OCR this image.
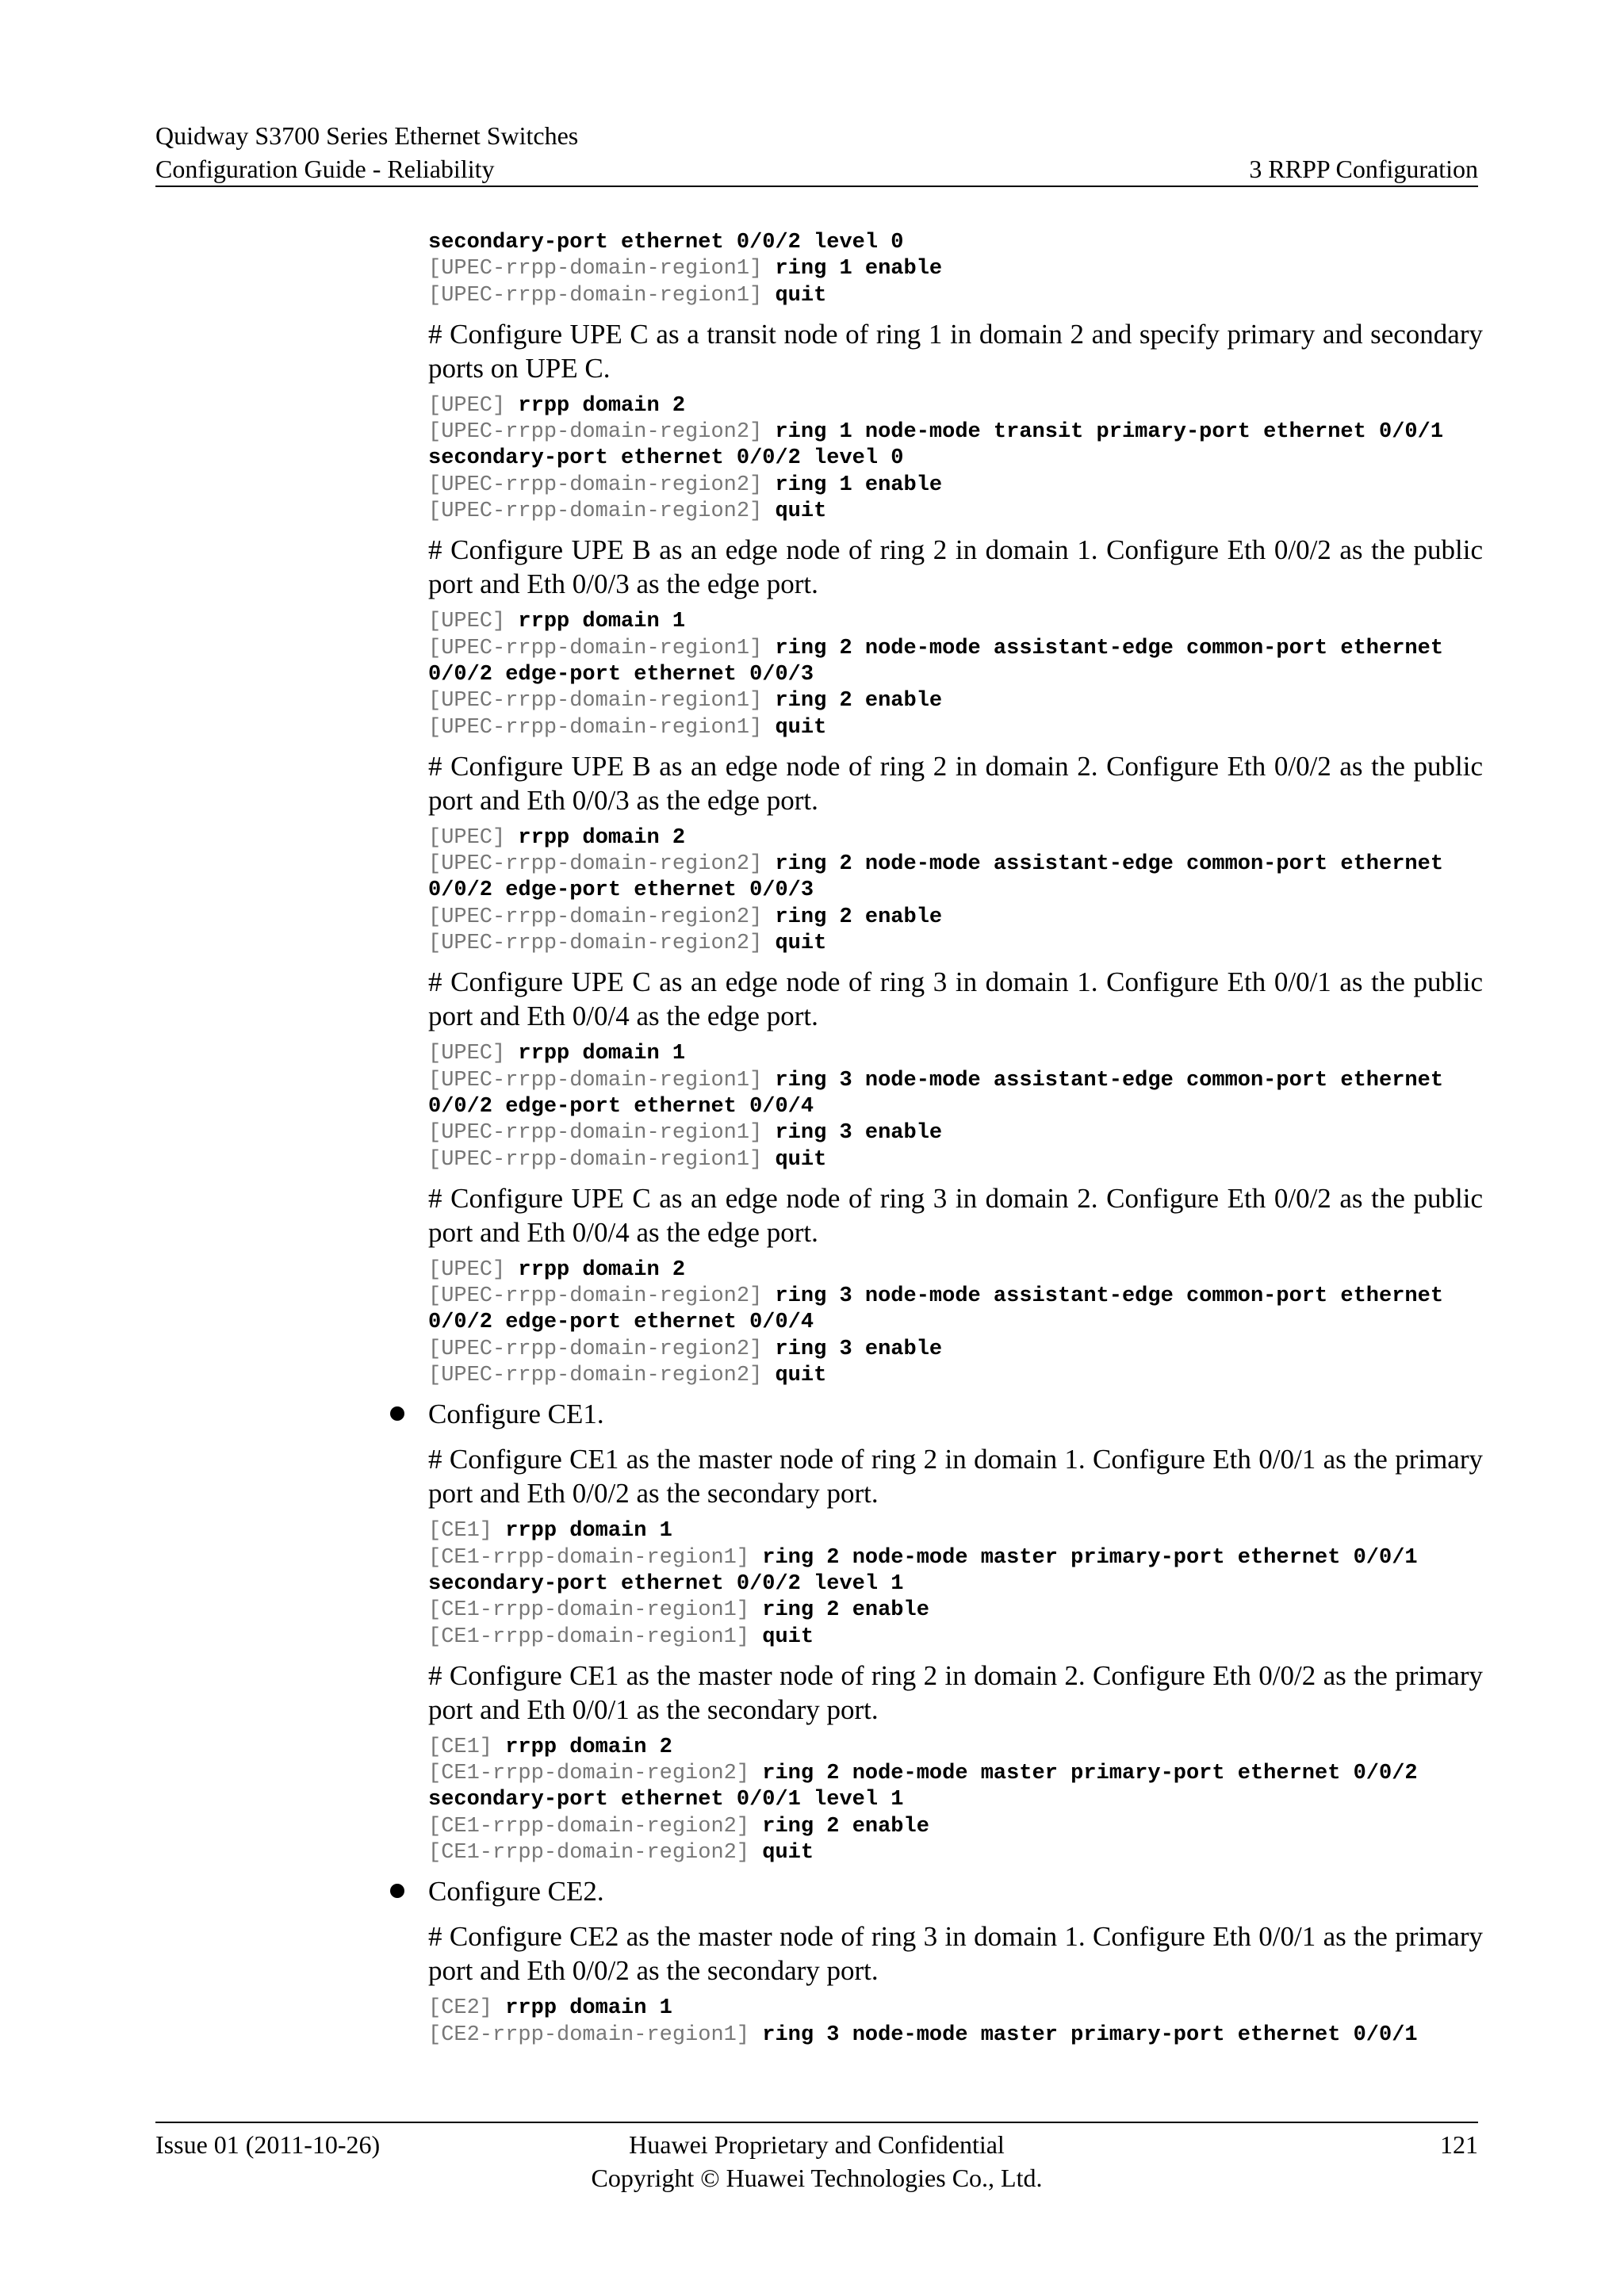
Quidway S3700 Series Ethernet Switches
Configuration Guide - Reliability	3 RRPP Configuration
secondary-port ethernet 0/0/2 level 0
[UPEC-rrpp-domain-region1] ring 1 enable
[UPEC-rrpp-domain-region1] quit
# Configure UPE C as a transit node of ring 1 in domain 2 and specify primary and secondary ports on UPE C.
[UPEC] rrpp domain 2
[UPEC-rrpp-domain-region2] ring 1 node-mode transit primary-port ethernet 0/0/1
secondary-port ethernet 0/0/2 level 0
[UPEC-rrpp-domain-region2] ring 1 enable
[UPEC-rrpp-domain-region2] quit
# Configure UPE B as an edge node of ring 2 in domain 1. Configure Eth 0/0/2 as the public port and Eth 0/0/3 as the edge port.
[UPEC] rrpp domain 1
[UPEC-rrpp-domain-region1] ring 2 node-mode assistant-edge common-port ethernet
0/0/2 edge-port ethernet 0/0/3
[UPEC-rrpp-domain-region1] ring 2 enable
[UPEC-rrpp-domain-region1] quit
# Configure UPE B as an edge node of ring 2 in domain 2. Configure Eth 0/0/2 as the public port and Eth 0/0/3 as the edge port.
[UPEC] rrpp domain 2
[UPEC-rrpp-domain-region2] ring 2 node-mode assistant-edge common-port ethernet
0/0/2 edge-port ethernet 0/0/3
[UPEC-rrpp-domain-region2] ring 2 enable
[UPEC-rrpp-domain-region2] quit
# Configure UPE C as an edge node of ring 3 in domain 1. Configure Eth 0/0/1 as the public port and Eth 0/0/4 as the edge port.
[UPEC] rrpp domain 1
[UPEC-rrpp-domain-region1] ring 3 node-mode assistant-edge common-port ethernet
0/0/2 edge-port ethernet 0/0/4
[UPEC-rrpp-domain-region1] ring 3 enable
[UPEC-rrpp-domain-region1] quit
# Configure UPE C as an edge node of ring 3 in domain 2. Configure Eth 0/0/2 as the public port and Eth 0/0/4 as the edge port.
[UPEC] rrpp domain 2
[UPEC-rrpp-domain-region2] ring 3 node-mode assistant-edge common-port ethernet
0/0/2 edge-port ethernet 0/0/4
[UPEC-rrpp-domain-region2] ring 3 enable
[UPEC-rrpp-domain-region2] quit
Configure CE1.
# Configure CE1 as the master node of ring 2 in domain 1. Configure Eth 0/0/1 as the primary port and Eth 0/0/2 as the secondary port.
[CE1] rrpp domain 1
[CE1-rrpp-domain-region1] ring 2 node-mode master primary-port ethernet 0/0/1
secondary-port ethernet 0/0/2 level 1
[CE1-rrpp-domain-region1] ring 2 enable
[CE1-rrpp-domain-region1] quit
# Configure CE1 as the master node of ring 2 in domain 2. Configure Eth 0/0/2 as the primary port and Eth 0/0/1 as the secondary port.
[CE1] rrpp domain 2
[CE1-rrpp-domain-region2] ring 2 node-mode master primary-port ethernet 0/0/2
secondary-port ethernet 0/0/1 level 1
[CE1-rrpp-domain-region2] ring 2 enable
[CE1-rrpp-domain-region2] quit
Configure CE2.
# Configure CE2 as the master node of ring 3 in domain 1. Configure Eth 0/0/1 as the primary port and Eth 0/0/2 as the secondary port.
[CE2] rrpp domain 1
[CE2-rrpp-domain-region1] ring 3 node-mode master primary-port ethernet 0/0/1
Issue 01 (2011-10-26)	Huawei Proprietary and Confidential
Copyright © Huawei Technologies Co., Ltd.
121
